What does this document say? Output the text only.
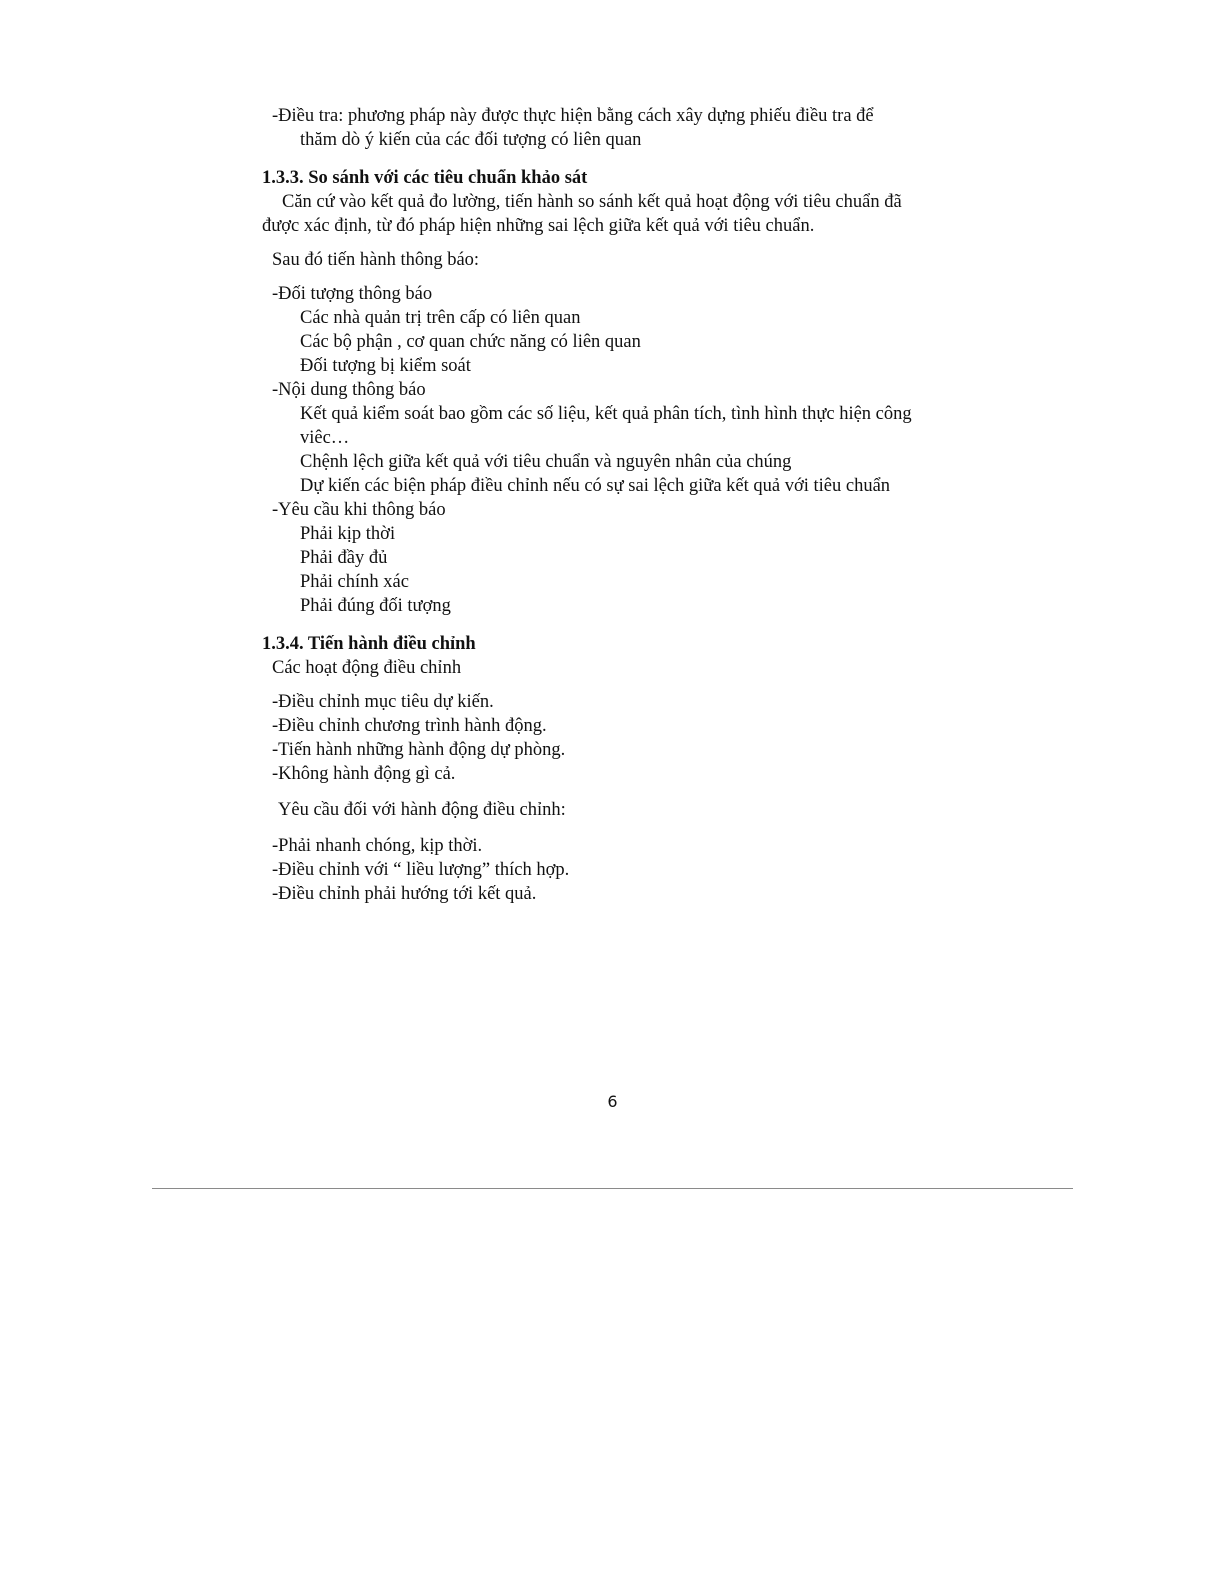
-Điều tra: phương pháp này được thực hiện bằng cách xây dựng phiếu điều tra để
thăm dò ý kiến của các đối tượng có liên quan
1.3.3. So sánh với các tiêu chuẩn khảo sát
Căn cứ vào kết quả đo lường, tiến hành so sánh kết quả hoạt động với tiêu chuẩn đã
được xác định, từ đó pháp hiện những sai lệch giữa kết quả với tiêu chuẩn.
Sau đó tiến hành thông báo:
-Đối tượng thông báo
Các nhà quản trị trên cấp có liên quan
Các bộ phận , cơ quan chức năng có liên quan
Đối tượng bị kiểm soát
-Nội dung thông báo
Kết quả kiểm soát bao gồm các số liệu, kết quả phân tích, tình hình thực hiện công
viêc…
Chệnh lệch giữa kết quả với tiêu chuẩn và nguyên nhân của chúng
Dự kiến các biện pháp điều chỉnh nếu có sự sai lệch giữa kết quả với tiêu chuẩn
-Yêu cầu khi thông báo
Phải kịp thời
Phải đầy đủ
Phải chính xác
Phải đúng đối tượng
1.3.4. Tiến hành điều chỉnh
Các hoạt động điều chỉnh
-Điều chỉnh mục tiêu dự kiến.
-Điều chỉnh chương trình hành động.
-Tiến hành những hành động dự phòng.
-Không hành động gì cả.
Yêu cầu đối với hành động điều chỉnh:
-Phải nhanh chóng, kịp thời.
-Điều chỉnh với “ liều lượng” thích hợp.
-Điều chỉnh phải hướng tới kết quả.
6
